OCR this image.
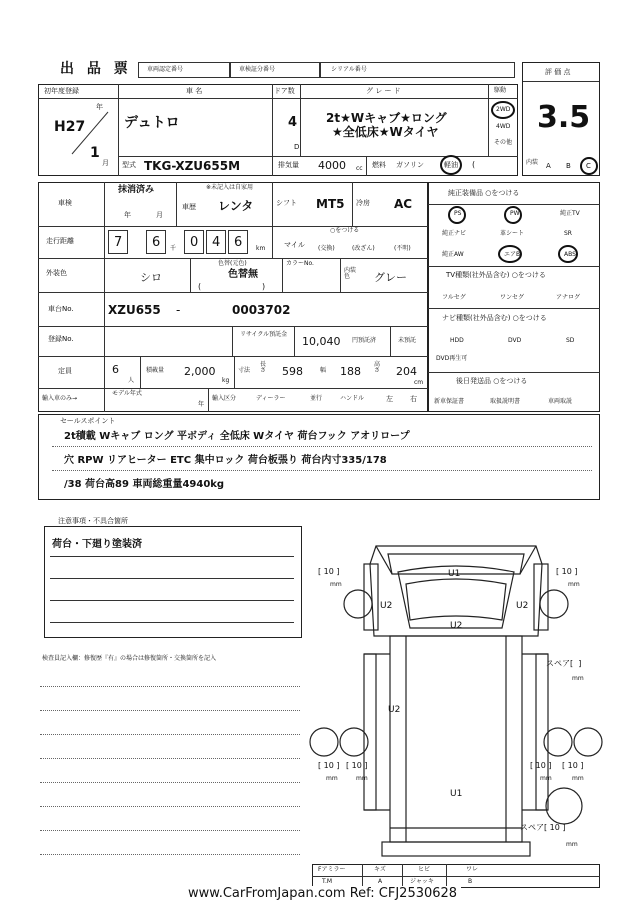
出 品 票	車両認定番号	車検証分番号	シリアル番号	評 価 点
3.5
初年度登録
年
H27
1
月
車 名
デュトロ
ドア数
4
D
グ レ ー ド
2t★Wキャブ★ロング
★全低床★Wタイヤ
駆動
2WD
4WD
その他
型式 TKG-XZU655M	排気量 4000 cc 燃料 ガソリン	軽油 (	内装 A B C
車検
抹消済み
年	月
※未記入は自家用
車歴 レンタ	シフト MT5 冷房 AC
走行距離	7 6 千 0 4 6 km
○をつける
マイル (交換)	(改ざん)	(不明)
外装色	シロ
色替(元色)
色替無
(	)
カラーNo.
内装色	グレー
車台No.	XZU655 -	0003702
登録No.
リサイクル預託金
10,040 円預託済	未預託
定員	6
人
積載量 2,000
kg
寸法
長さ 598	幅 188
高さ 204
cm
輸入車のみ→
モデル年式
年
輸入区分	ディーラー	並行	ハンドル	左 右
純正装備品 ○をつける
PS	PW	純正TV
純正ナビ	革シート	SR
純正AW	エアB	ABS
TV種類(社外品含む) ○をつける
フルセグ	ワンセグ	アナログ
ナビ種類(社外品含む) ○をつける
HDD	DVD	SD
DVD再生可
後日発送品 ○をつける
新車保証書	取扱説明書	車両取説
セールスポイント
2t積載 Wキャブ ロング 平ボディ 全低床 Wタイヤ 荷台フック アオリロープ
穴 RPW リアヒーター ETC 集中ロック 荷台板張り 荷台内寸335/178
/38 荷台高89 車両総重量4940kg
注意事項・不具合箇所
荷台・下廻り塗装済
検査員記入欄：修復歴『有』の場合は修復箇所・交換箇所を記入
U1
U2	U2
U2
U2
U1
[ 10 ]
mm
[ 10 ]
mm
[ 10 ]
mm
[ 10 ]
mm
[ 10 ]
mm
[ 10 ]
mm
スペア[  ]
mm
スペア[ 10 ]
mm
Fアミラー	キズ	ヒビ	ワレ
T.M	A	ジャッキ	B
www.CarFromJapan.com Ref: CFJ2530628
